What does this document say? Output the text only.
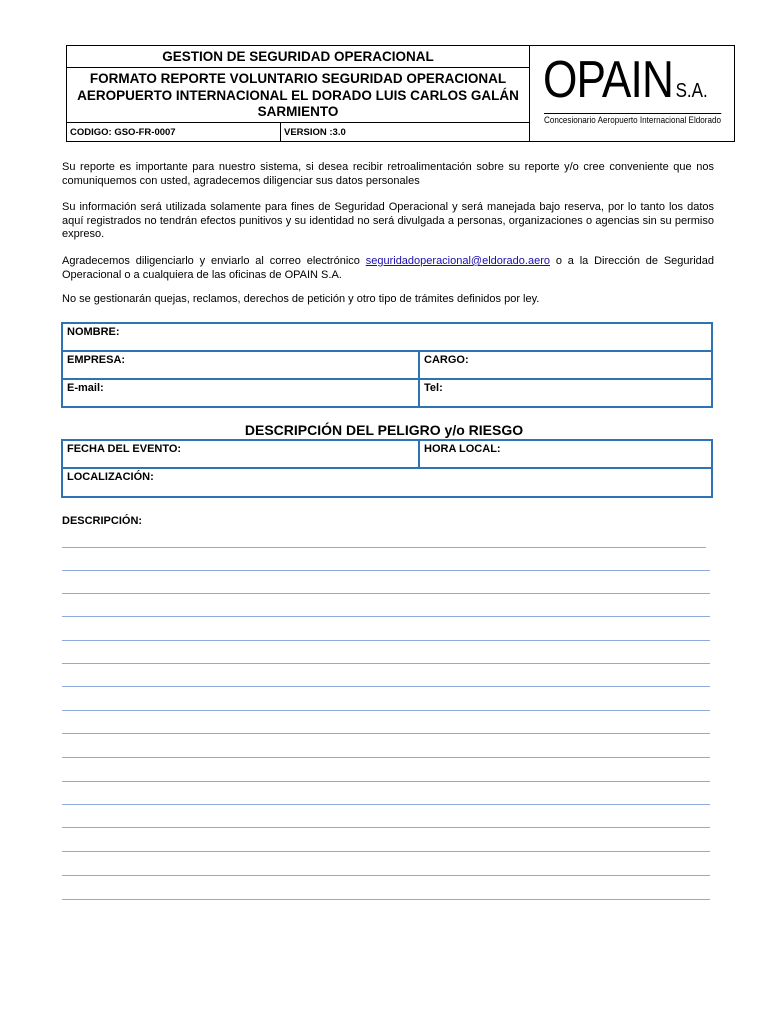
GESTION DE SEGURIDAD OPERACIONAL
FORMATO REPORTE VOLUNTARIO SEGURIDAD OPERACIONAL AEROPUERTO INTERNACIONAL EL DORADO LUIS CARLOS GALÁN SARMIENTO
CODIGO: GSO-FR-0007	VERSION :3.0
OPAIN S.A.
Concesionario Aeropuerto Internacional Eldorado

Su reporte es importante para nuestro sistema, si desea recibir retroalimentación sobre su reporte y/o cree conveniente que nos comuniquemos con usted, agradecemos diligenciar sus datos personales

Su información será utilizada solamente para fines de Seguridad Operacional y será manejada bajo reserva, por lo tanto los datos aquí registrados no tendrán efectos punitivos y su identidad no será divulgada a personas, organizaciones o agencias sin su permiso expreso.

Agradecemos diligenciarlo y enviarlo al correo electrónico seguridadoperacional@eldorado.aero o a la Dirección de Seguridad Operacional o a cualquiera de las oficinas de OPAIN S.A.

No se gestionarán quejas, reclamos, derechos de petición y otro tipo de trámites definidos por ley.

NOMBRE:
EMPRESA:	CARGO:
E-mail:	Tel:
DESCRIPCIÓN DEL PELIGRO y/o RIESGO
FECHA DEL EVENTO:	HORA LOCAL:
LOCALIZACIÓN:
DESCRIPCIÓN:
